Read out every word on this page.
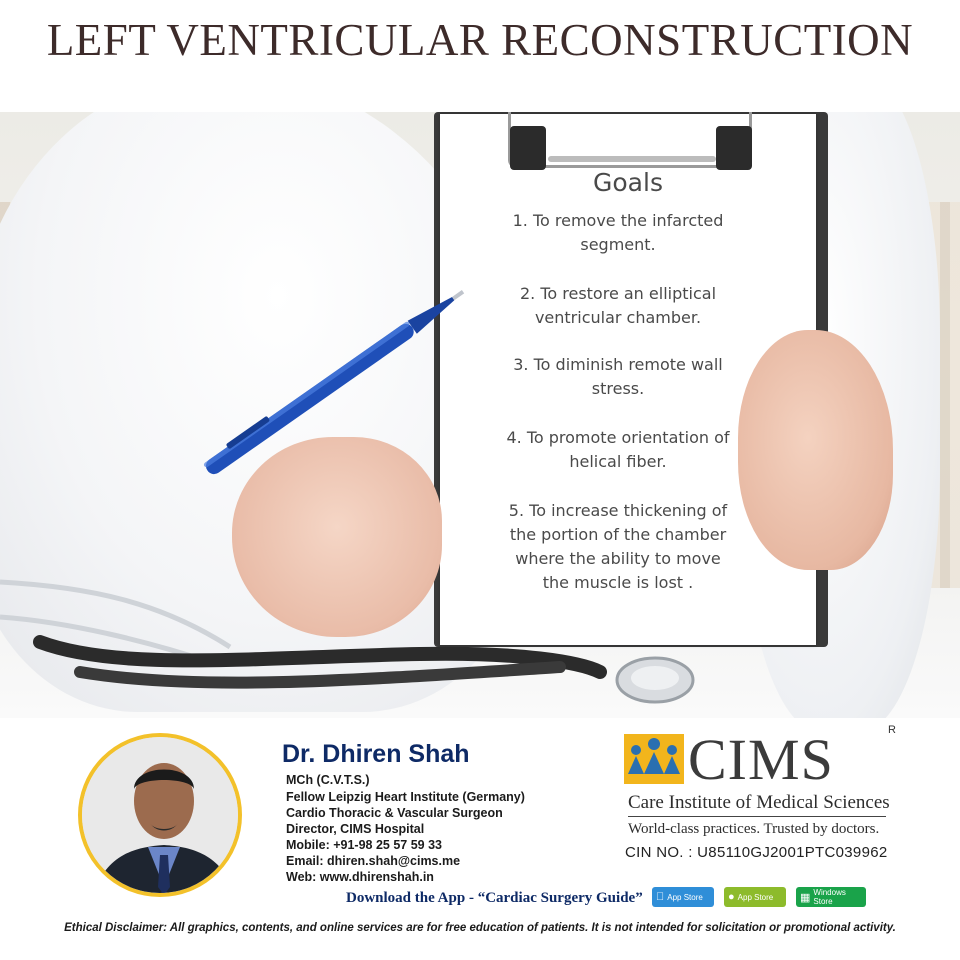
LEFT VENTRICULAR RECONSTRUCTION
Goals
1. To remove the infarcted
segment.
2. To restore an elliptical
ventricular chamber.
3. To diminish remote wall
stress.
4. To promote orientation of
helical fiber.
5. To increase thickening of
the portion of the chamber
where the ability to move
the muscle is lost .
Dr. Dhiren Shah
MCh (C.V.T.S.)
Fellow Leipzig Heart Institute (Germany)
Cardio Thoracic & Vascular Surgeon
Director, CIMS Hospital
Mobile: +91-98 25 57 59 33
Email: dhiren.shah@cims.me
Web: www.dhirenshah.in
CIMS	R
Care Institute of Medical Sciences
World-class practices. Trusted by doctors.
CIN NO. : U85110GJ2001PTC039962
Download the App - “Cardiac Surgery Guide” App Store	● App Store ▦ Windows Store
Ethical Disclaimer: All graphics, contents, and online services are for free education of patients. It is not intended for solicitation or promotional activity.
